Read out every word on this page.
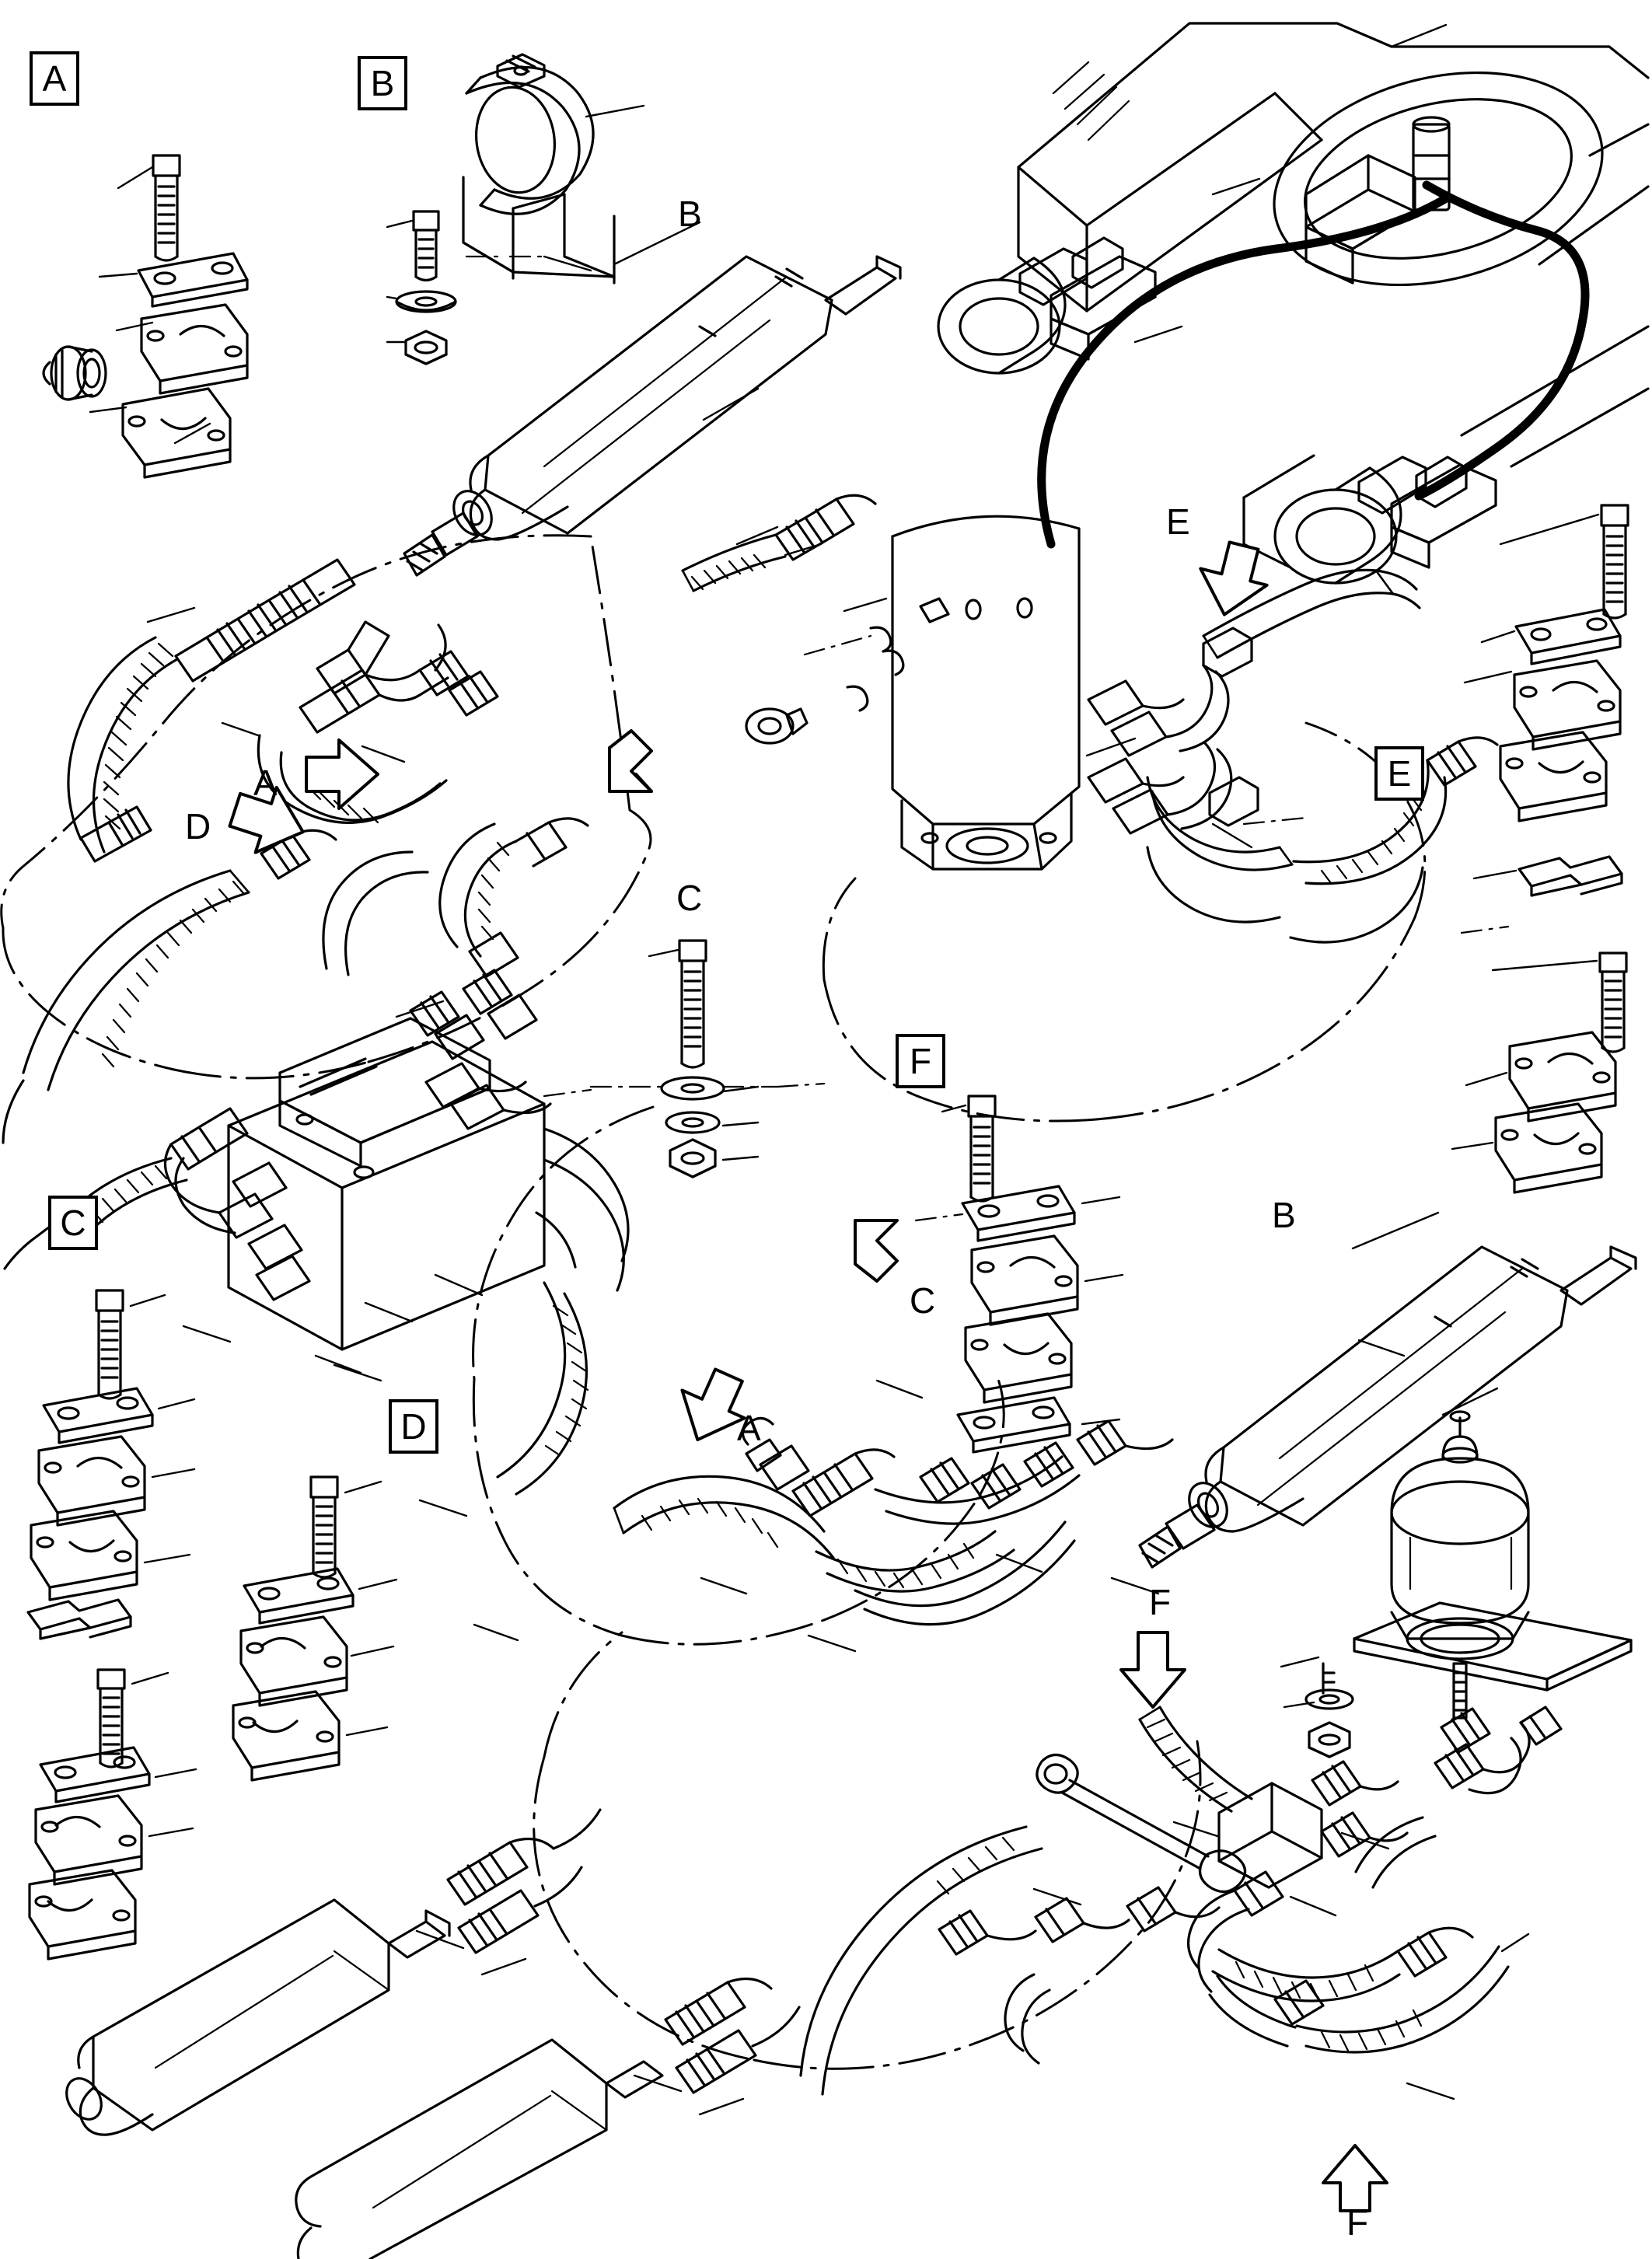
A	B
E
F
C
D
B
E
A
D
C
C
B
A
F
F
